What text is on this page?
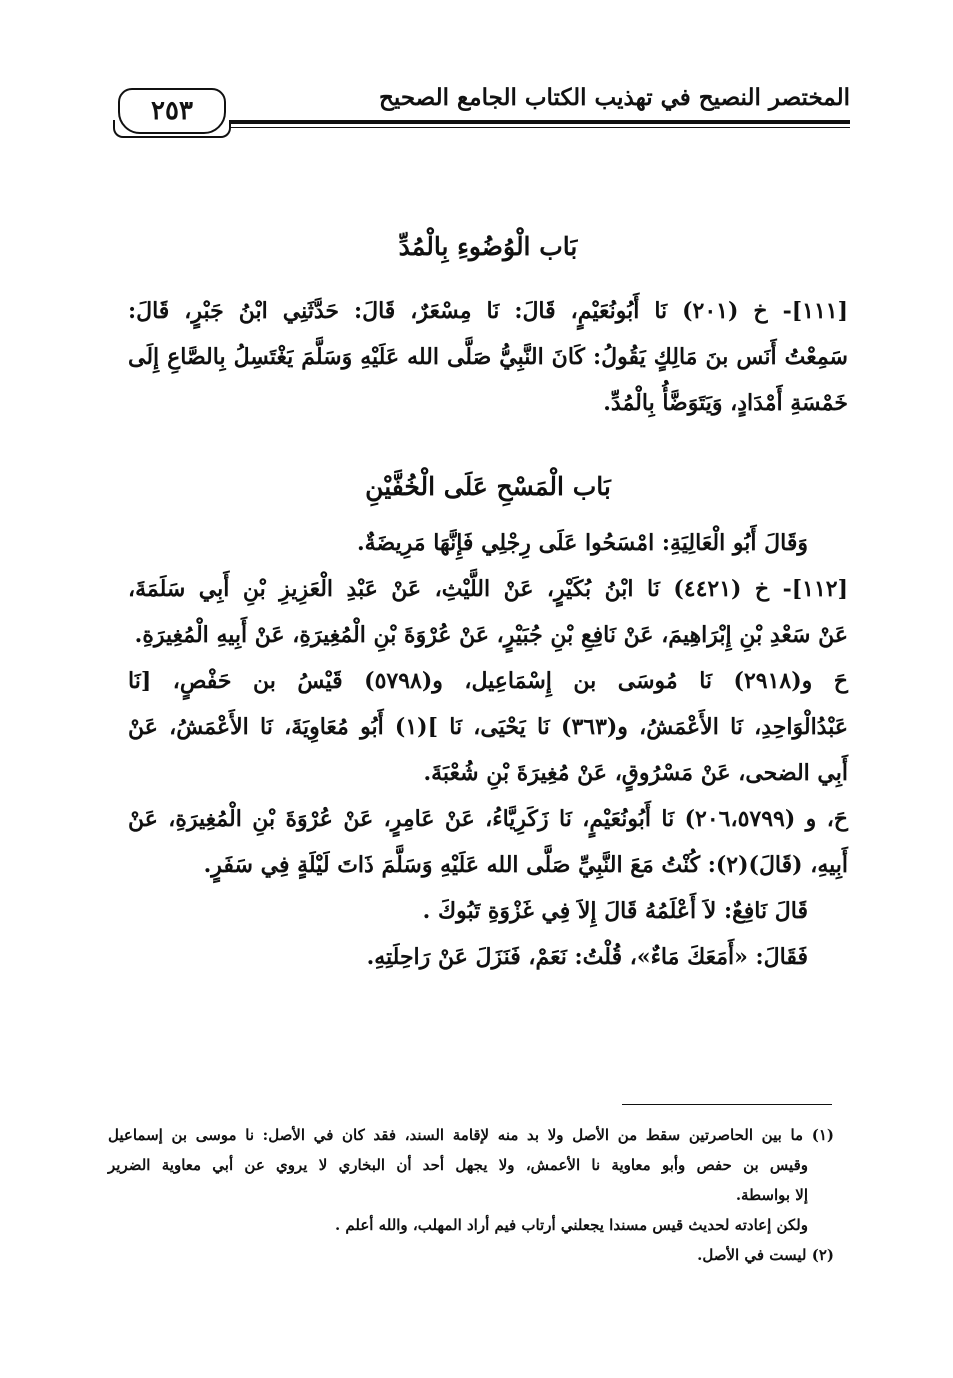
المختصر النصيح في تهذيب الكتاب الجامع الصحيح
٢٥٣
بَاب الْوُضُوءِ بِالْمُدِّ
[١١١]- خ (٢٠١) نَا أَبُونُعَيْمٍ، قَالَ: نَا مِسْعَرٌ، قَالَ: حَدَّثَنِي ابْنُ جَبْرٍ، قَالَ:
سَمِعْتُ أَنَس بنَ مَالِكٍ يَقُولُ: كَانَ النَّبِيُّ صَلَّى الله عَلَيْهِ وَسَلَّمَ يَغْتَسِلُ بِالصَّاعِ إِلَى
خَمْسَةِ أَمْدَادٍ، وَيَتَوَضَّأُ بِالْمُدِّ.
بَاب الْمَسْحِ عَلَى الْخُفَّيْنِ
وَقَالَ أَبُو الْعَالِيَةِ: امْسَحُوا عَلَى رِجْلِي فَإِنَّهَا مَرِيضَةٌ.
[١١٢]- خ (٤٤٢١) نَا ابْنُ بُكَيْرٍ، عَنْ اللَّيْثِ، عَنْ عَبْدِ الْعَزِيزِ بْنِ أَبِي سَلَمَةَ،
عَنْ سَعْدِ بْنِ إِبْرَاهِيمَ، عَنْ نَافِعِ بْنِ جُبَيْرٍ، عَنْ عُرْوَةَ بْنِ الْمُغِيرَةِ، عَنْ أَبِيهِ الْمُغِيرَةِ.
حَ و(٢٩١٨) نَا مُوسَى بن إِسْمَاعِيل، و(٥٧٩٨) قَيْسُ بن حَفْصٍ، [نَا
عَبْدُالْوَاحِدِ، نَا الأَعْمَشُ، و(٣٦٣) نَا يَحْيَى، نَا ](١) أَبُو مُعَاوِيَةَ، نَا الأَعْمَشُ، عَنْ
أَبِي الضحى، عَنْ مَسْرُوقٍ، عَنْ مُغِيرَةَ بْنِ شُعْبَةَ.
حَ، و (٢٠٦،٥٧٩٩) نَا أَبُونُعَيْمٍ، نَا زَكَرِيَّاءُ، عَنْ عَامِرٍ، عَنْ عُرْوَةَ بْنِ الْمُغِيرَةِ، عَنْ
أَبِيهِ، (قَالَ)(٢): كُنْتُ مَعَ النَّبِيِّ صَلَّى الله عَلَيْهِ وَسَلَّمَ ذَاتَ لَيْلَةٍ فِي سَفَرٍ.
قَالَ نَافِعٌ: لاَ أَعْلَمُهُ قَالَ إِلاَ فِي غَزْوَةِ تَبُوكَ .
فَقَالَ: «أَمَعَكَ مَاءٌ»، قُلْتُ: نَعَمْ، فَنَزَلَ عَنْ رَاحِلَتِهِ.
(١) ما بين الحاصرتين سقط من الأصل ولا بد منه لإقامة السند، فقد كان في الأصل: نا موسى بن إسماعيل
وقيس بن حفص وأبو معاوية نا الأعمش، ولا يجهل أحد أن البخاري لا يروي عن أبي معاوية الضرير
إلا بواسطة.
ولكن إعادته لحديث قيس مسندا يجعلني أرتاب فيم أراد المهلب، والله أعلم .
(٢) ليست في الأصل.
